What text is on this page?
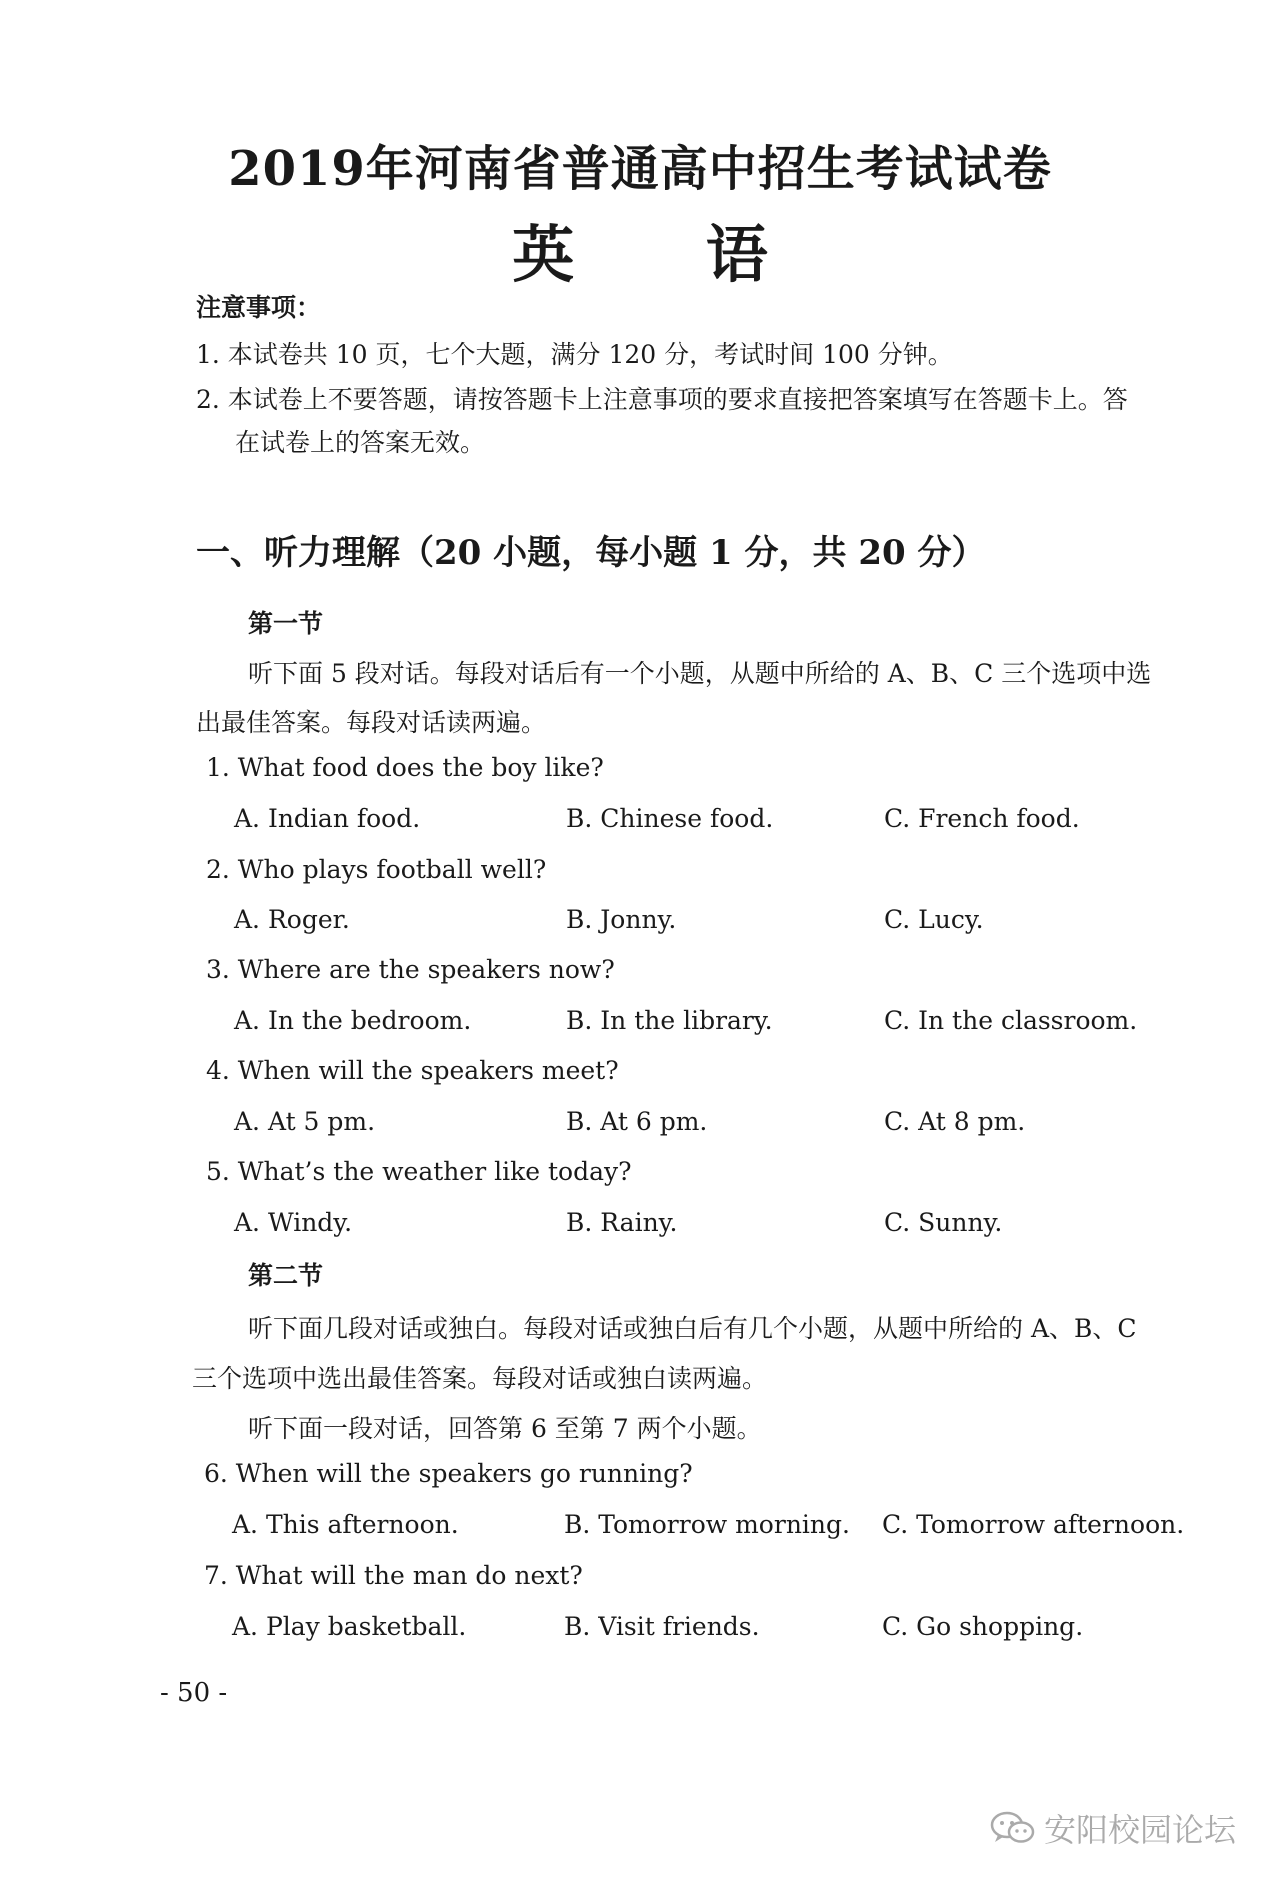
2019年河南省普通高中招生考试试卷
英 语
注意事项：
1. 本试卷共 10 页，七个大题，满分 120 分，考试时间 100 分钟。
2. 本试卷上不要答题，请按答题卡上注意事项的要求直接把答案填写在答题卡上。答
在试卷上的答案无效。
一、听力理解（20 小题，每小题 1 分，共 20 分）
第一节
听下面 5 段对话。每段对话后有一个小题，从题中所给的 A、B、C 三个选项中选
出最佳答案。每段对话读两遍。
1. What food does the boy like?
A. Indian food.	B. Chinese food.	C. French food.
2. Who plays football well?
A. Roger.	B. Jonny.	C. Lucy.
3. Where are the speakers now?
A. In the bedroom.	B. In the library.	C. In the classroom.
4. When will the speakers meet?
A. At 5 pm.	B. At 6 pm.	C. At 8 pm.
5. What’s the weather like today?
A. Windy.	B. Rainy.	C. Sunny.
第二节
听下面几段对话或独白。每段对话或独白后有几个小题，从题中所给的 A、B、C
三个选项中选出最佳答案。每段对话或独白读两遍。
听下面一段对话，回答第 6 至第 7 两个小题。
6. When will the speakers go running?
A. This afternoon.	B. Tomorrow morning. C. Tomorrow afternoon.
7. What will the man do next?
A. Play basketball.	B. Visit friends.	C. Go shopping.
- 50 -
安阳校园论坛
